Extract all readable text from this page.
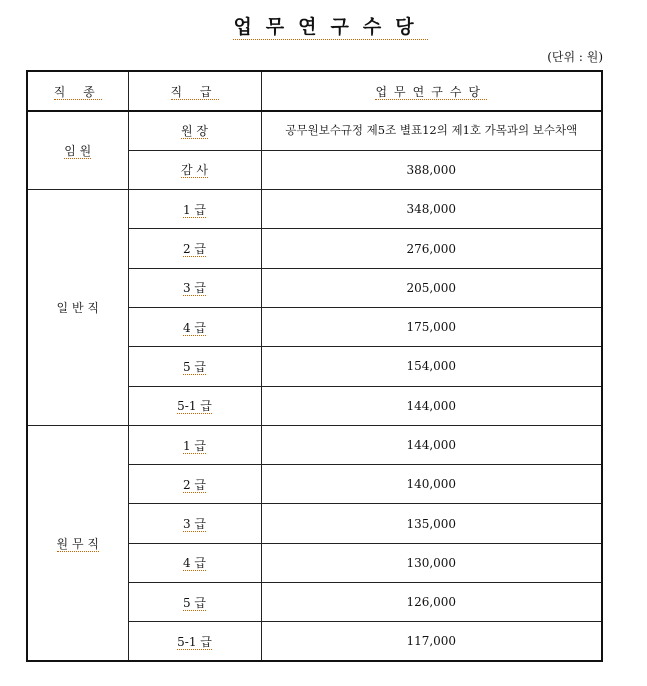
업무연구수당
(단위 : 원)
직 종	직 급	업무연구수당
임 원	원 장	공무원보수규정 제5조 별표12의 제1호 가목과의 보수차액
	감 사	388,000
일 반 직	1 급	348,000
	2 급	276,000
	3 급	205,000
	4 급	175,000
	5 급	154,000
	5-1 급	144,000
원 무 직	1 급	144,000
	2 급	140,000
	3 급	135,000
	4 급	130,000
	5 급	126,000
	5-1 급	117,000
